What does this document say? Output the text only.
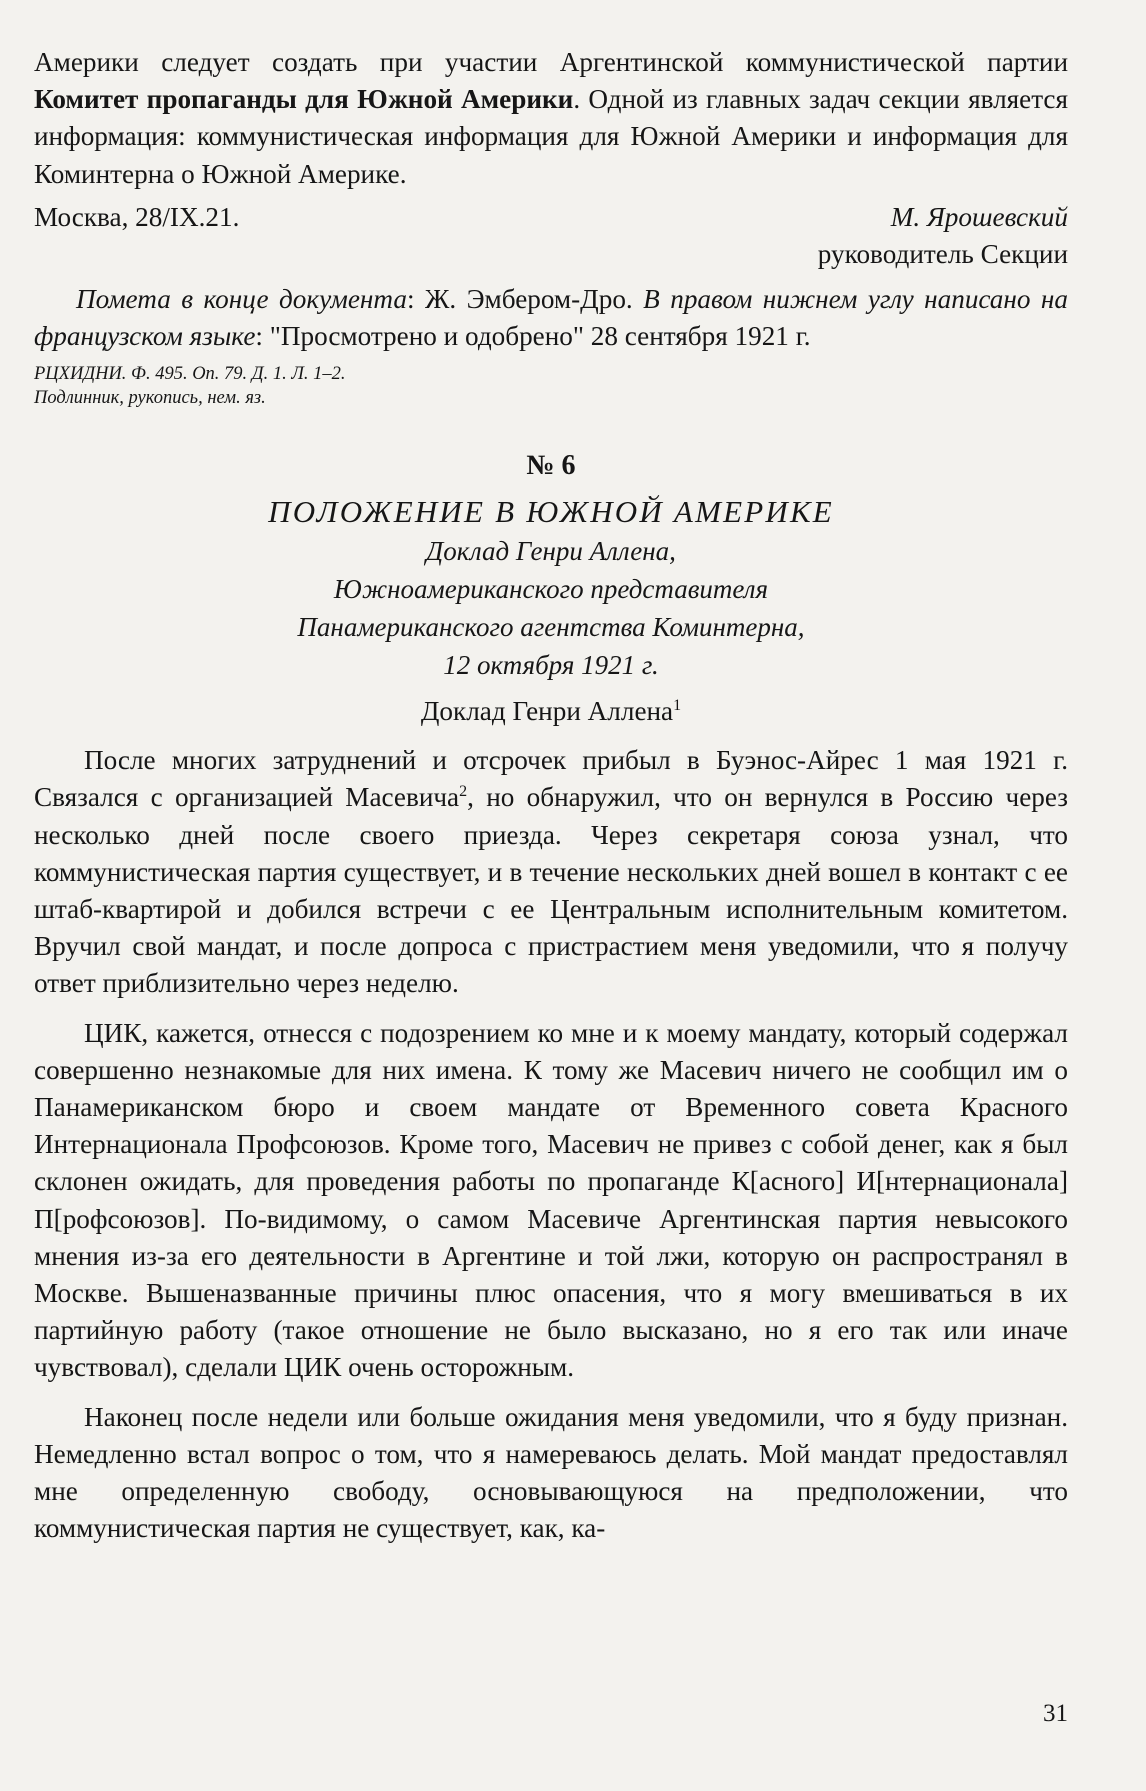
Америки следует создать при участии Аргентинской коммунистической партии Комитет пропаганды для Южной Америки. Одной из главных задач секции является информация: коммунистическая информация для Южной Америки и информация для Коминтерна о Южной Америке.

Москва, 28/IX.21.	М. Ярошевский
руководитель Секции

Помета в конце документа: Ж. Эмбером-Дро. В правом нижнем углу написано на французском языке: "Просмотрено и одобрено" 28 сентября 1921 г.

РЦХИДНИ. Ф. 495. Оп. 79. Д. 1. Л. 1–2.
Подлинник, рукопись, нем. яз.
№ 6
ПОЛОЖЕНИЕ В ЮЖНОЙ АМЕРИКЕ
Доклад Генри Аллена,
Южноамериканского представителя
Панамериканского агентства Коминтерна,
12 октября 1921 г.
Доклад Генри Аллена$^1$

После многих затруднений и отсрочек прибыл в Буэнос-Айрес 1 мая 1921 г. Связался с организацией Масевича$^2$, но обнаружил, что он вернулся в Россию через несколько дней после своего приезда. Через секретаря союза узнал, что коммунистическая партия существует, и в течение нескольких дней вошел в контакт с ее штаб-квартирой и добился встречи с ее Центральным исполнительным комитетом. Вручил свой мандат, и после допроса с пристрастием меня уведомили, что я получу ответ приблизительно через неделю.

ЦИК, кажется, отнесся с подозрением ко мне и к моему мандату, который содержал совершенно незнакомые для них имена. К тому же Масевич ничего не сообщил им о Панамериканском бюро и своем мандате от Временного совета Красного Интернационала Профсоюзов. Кроме того, Масевич не привез с собой денег, как я был склонен ожидать, для проведения работы по пропаганде К[асного] И[нтернационала] П[рофсоюзов]. По-видимому, о самом Масевиче Аргентинская партия невысокого мнения из-за его деятельности в Аргентине и той лжи, которую он распространял в Москве. Вышеназванные причины плюс опасения, что я могу вмешиваться в их партийную работу (такое отношение не было высказано, но я его так или иначе чувствовал), сделали ЦИК очень осторожным.

Наконец после недели или больше ожидания меня уведомили, что я буду признан. Немедленно встал вопрос о том, что я намереваюсь делать. Мой мандат предоставлял мне определенную свободу, основывающуюся на предположении, что коммунистическая партия не существует, как, ка-

31
